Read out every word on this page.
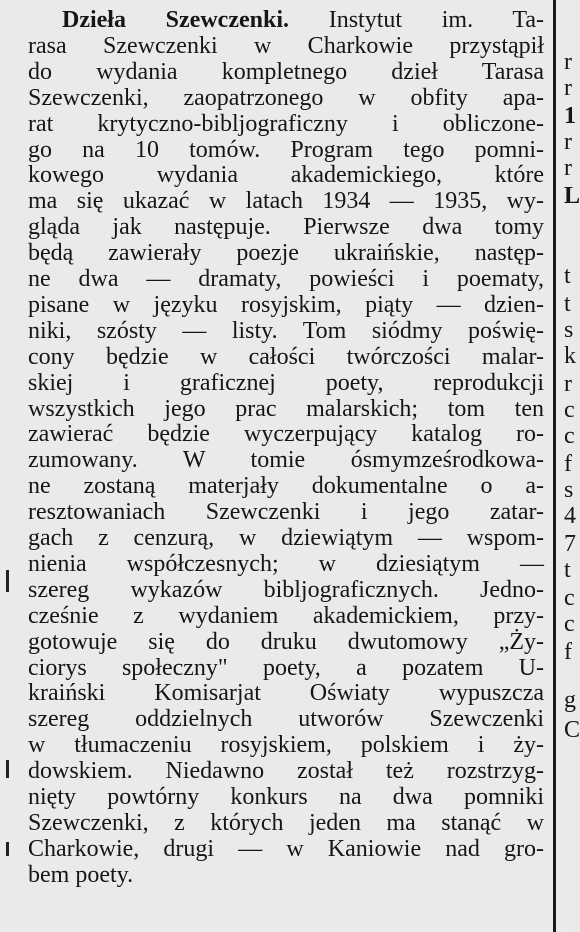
Dzieła Szewczenki. Instytut im. Ta-
rasa Szewczenki w Charkowie przystąpił
do wydania kompletnego dzieł Tarasa
Szewczenki, zaopatrzonego w obfity apa-
rat krytyczno-bibljograficzny i obliczone-
go na 10 tomów. Program tego pomni-
kowego wydania akademickiego, które
ma się ukazać w latach 1934 — 1935, wy-
gląda jak następuje. Pierwsze dwa tomy
będą zawierały poezje ukraińskie, następ-
ne dwa — dramaty, powieści i poematy,
pisane w języku rosyjskim, piąty — dzien-
niki, szósty — listy. Tom siódmy poświę-
cony będzie w całości twórczości malar-
skiej i graficznej poety, reprodukcji
wszystkich jego prac malarskich; tom ten
zawierać będzie wyczerpujący katalog ro-
zumowany. W tomie ósmymześrodkowa-
ne zostaną materjały dokumentalne o a-
resztowaniach Szewczenki i jego zatar-
gach z cenzurą, w dziewiątym — wspom-
nienia współczesnych; w dziesiątym —
szereg wykazów bibljograficznych. Jedno-
cześnie z wydaniem akademickiem, przy-
gotowuje się do druku dwutomowy „Ży-
ciorys społeczny" poety, a pozatem U-
kraiński Komisarjat Oświaty wypuszcza
szereg oddzielnych utworów Szewczenki
w tłumaczeniu rosyjskiem, polskiem i ży-
dowskiem. Niedawno został też rozstrzyg-
nięty powtórny konkurs na dwa pomniki
Szewczenki, z których jeden ma stanąć w
Charkowie, drugi — w Kaniowie nad gro-
bem poety.
r
r
1
r
r
L
t
t
s
k
r
c
c
f
s
4
7
t
c
c
f
g
C
